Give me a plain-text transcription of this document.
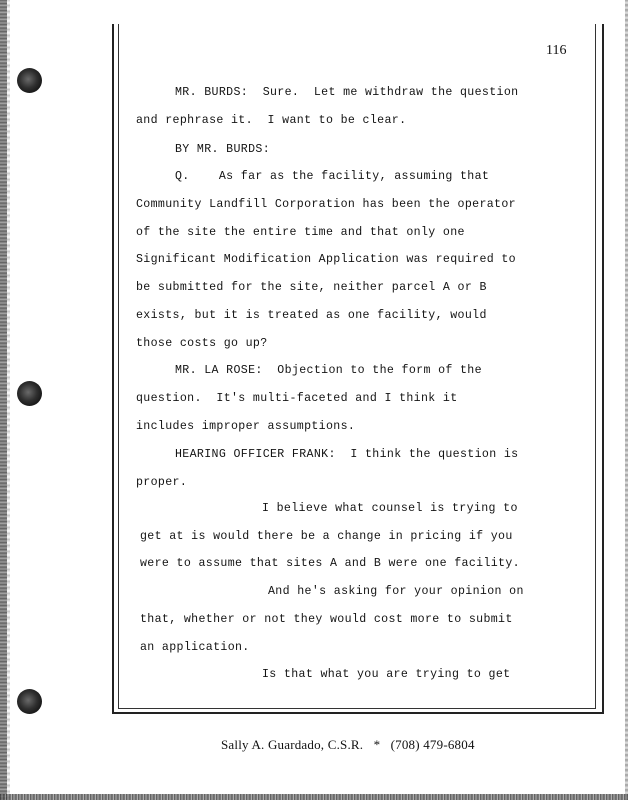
116
MR. BURDS:  Sure.  Let me withdraw the question
and rephrase it.  I want to be clear.
BY MR. BURDS:
Q.    As far as the facility, assuming that
Community Landfill Corporation has been the operator
of the site the entire time and that only one
Significant Modification Application was required to
be submitted for the site, neither parcel A or B
exists, but it is treated as one facility, would
those costs go up?
MR. LA ROSE:  Objection to the form of the
question.  It's multi-faceted and I think it
includes improper assumptions.
HEARING OFFICER FRANK:  I think the question is
proper.
I believe what counsel is trying to
get at is would there be a change in pricing if you
were to assume that sites A and B were one facility.
And he's asking for your opinion on
that, whether or not they would cost more to submit
an application.
Is that what you are trying to get
Sally A. Guardado, C.S.R.   *   (708) 479-6804
